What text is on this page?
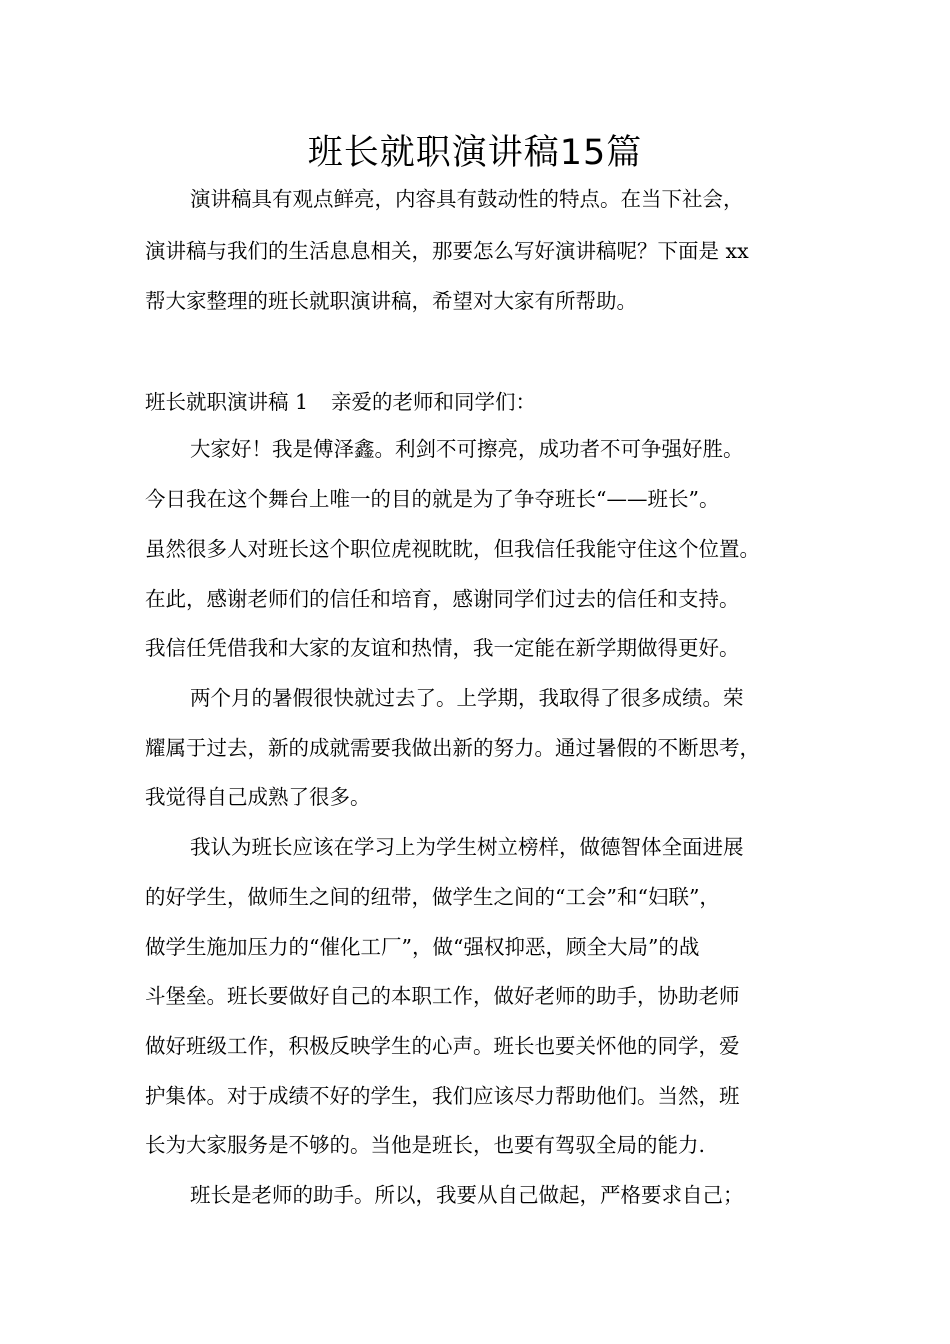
班长就职演讲稿15篇
演讲稿具有观点鲜亮，内容具有鼓动性的特点。在当下社会，
演讲稿与我们的生活息息相关，那要怎么写好演讲稿呢？下面是 xx
帮大家整理的班长就职演讲稿，希望对大家有所帮助。
班长就职演讲稿 1 亲爱的老师和同学们：
大家好！我是傅泽鑫。利剑不可擦亮，成功者不可争强好胜。
今日我在这个舞台上唯一的目的就是为了争夺班长“——班长”。
虽然很多人对班长这个职位虎视眈眈，但我信任我能守住这个位置。
在此，感谢老师们的信任和培育，感谢同学们过去的信任和支持。
我信任凭借我和大家的友谊和热情，我一定能在新学期做得更好。
两个月的暑假很快就过去了。上学期，我取得了很多成绩。荣
耀属于过去，新的成就需要我做出新的努力。通过暑假的不断思考，
我觉得自己成熟了很多。
我认为班长应该在学习上为学生树立榜样，做德智体全面进展
的好学生，做师生之间的纽带，做学生之间的“工会”和“妇联”，
做学生施加压力的“催化工厂”，做“强权抑恶，顾全大局”的战
斗堡垒。班长要做好自己的本职工作，做好老师的助手，协助老师
做好班级工作，积极反映学生的心声。班长也要关怀他的同学，爱
护集体。对于成绩不好的学生，我们应该尽力帮助他们。当然，班
长为大家服务是不够的。当他是班长，也要有驾驭全局的能力.
班长是老师的助手。所以，我要从自己做起，严格要求自己；
